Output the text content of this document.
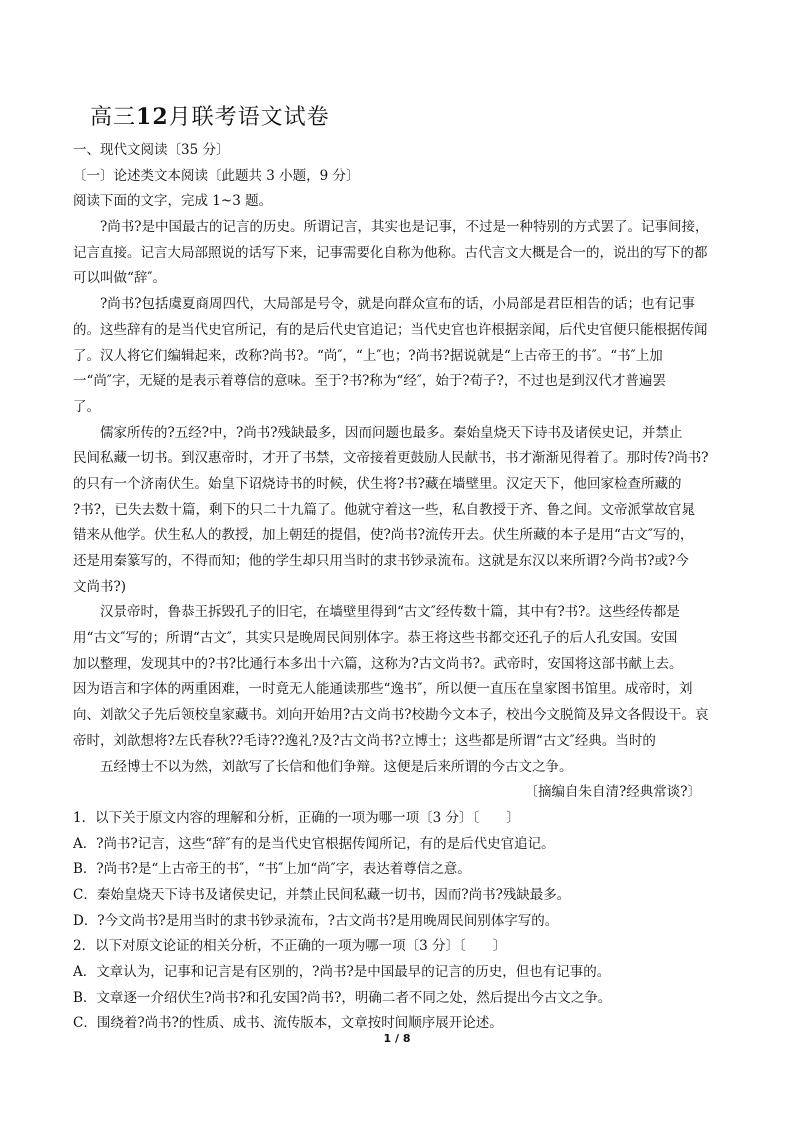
高三12月联考语文试卷
一、现代文阅读〔35 分〕
〔一〕论述类文本阅读〔此题共 3 小题，9 分〕
阅读下面的文字，完成 1~3 题。
?尚书?是中国最古的记言的历史。所谓记言，其实也是记事，不过是一种特别的方式罢了。记事间接，
记言直接。记言大局部照说的话写下来，记事需要化自称为他称。古代言文大概是合一的，说出的写下的都
可以叫做“辞″。
?尚书?包括虞夏商周四代，大局部是号令，就是向群众宣布的话，小局部是君臣相告的话；也有记事
的。这些辞有的是当代史官所记，有的是后代史官追记；当代史官也许根据亲闻，后代史官便只能根据传闻
了。汉人将它们编辑起来，改称?尚书?。“尚″，“上″也；?尚书?据说就是“上古帝王的书″。“书″上加
一“尚″字，无疑的是表示着尊信的意味。至于?书?称为“经″，始于?荀子?，不过也是到汉代才普遍罢
了。
儒家所传的?五经?中，?尚书?残缺最多，因而问题也最多。秦始皇烧天下诗书及诸侯史记，并禁止
民间私藏一切书。到汉惠帝时，才开了书禁，文帝接着更鼓励人民献书，书才渐渐见得着了。那时传?尚书?
的只有一个济南伏生。始皇下诏烧诗书的时候，伏生将?书?藏在墙壁里。汉定天下，他回家检查所藏的
?书?，已失去数十篇，剩下的只二十九篇了。他就守着这一些，私自教授于齐、鲁之间。文帝派掌故官晁
错来从他学。伏生私人的教授，加上朝廷的提倡，使?尚书?流传开去。伏生所藏的本子是用“古文″写的，
还是用秦篆写的，不得而知；他的学生却只用当时的隶书钞录流布。这就是东汉以来所谓?今尚书?或?今
文尚书?)
汉景帝时，鲁恭王拆毁孔子的旧宅，在墙壁里得到“古文″经传数十篇，其中有?书?。这些经传都是
用“古文″写的；所谓“古文″，其实只是晚周民间别体字。恭王将这些书都交还孔子的后人孔安国。安国
加以整理，发现其中的?书?比通行本多出十六篇，这称为?古文尚书?。武帝时，安国将这部书献上去。
因为语言和字体的两重困难，一时竟无人能通读那些“逸书″，所以便一直压在皇家图书馆里。成帝时，刘
向、刘歆父子先后领校皇家藏书。刘向开始用?古文尚书?校勘今文本子，校出今文脱简及异文各假设干。哀
帝时，刘歆想将?左氏春秋??毛诗??逸礼?及?古文尚书?立博士；这些都是所谓“古文″经典。当时的
五经博士不以为然，刘歆写了长信和他们争辩。这便是后来所谓的今古文之争。
〔摘编自朱自清?经典常谈?〕
1．以下关于原文内容的理解和分析，正确的一项为哪一项〔3 分〕〔　　〕
A．?尚书?记言，这些“辞″有的是当代史官根据传闻所记，有的是后代史官追记。
B．?尚书?是“上古帝王的书″，“书″上加“尚″字，表达着尊信之意。
C．秦始皇烧天下诗书及诸侯史记，并禁止民间私藏一切书，因而?尚书?残缺最多。
D．?今文尚书?是用当时的隶书钞录流布，?古文尚书?是用晚周民间别体字写的。
2．以下对原文论证的相关分析，不正确的一项为哪一项〔3 分〕〔　　〕
A．文章认为，记事和记言是有区别的，?尚书?是中国最早的记言的历史，但也有记事的。
B．文章逐一介绍伏生?尚书?和孔安国?尚书?，明确二者不同之处，然后提出今古文之争。
C．围绕着?尚书?的性质、成书、流传版本，文章按时间顺序展开论述。
1 / 8
